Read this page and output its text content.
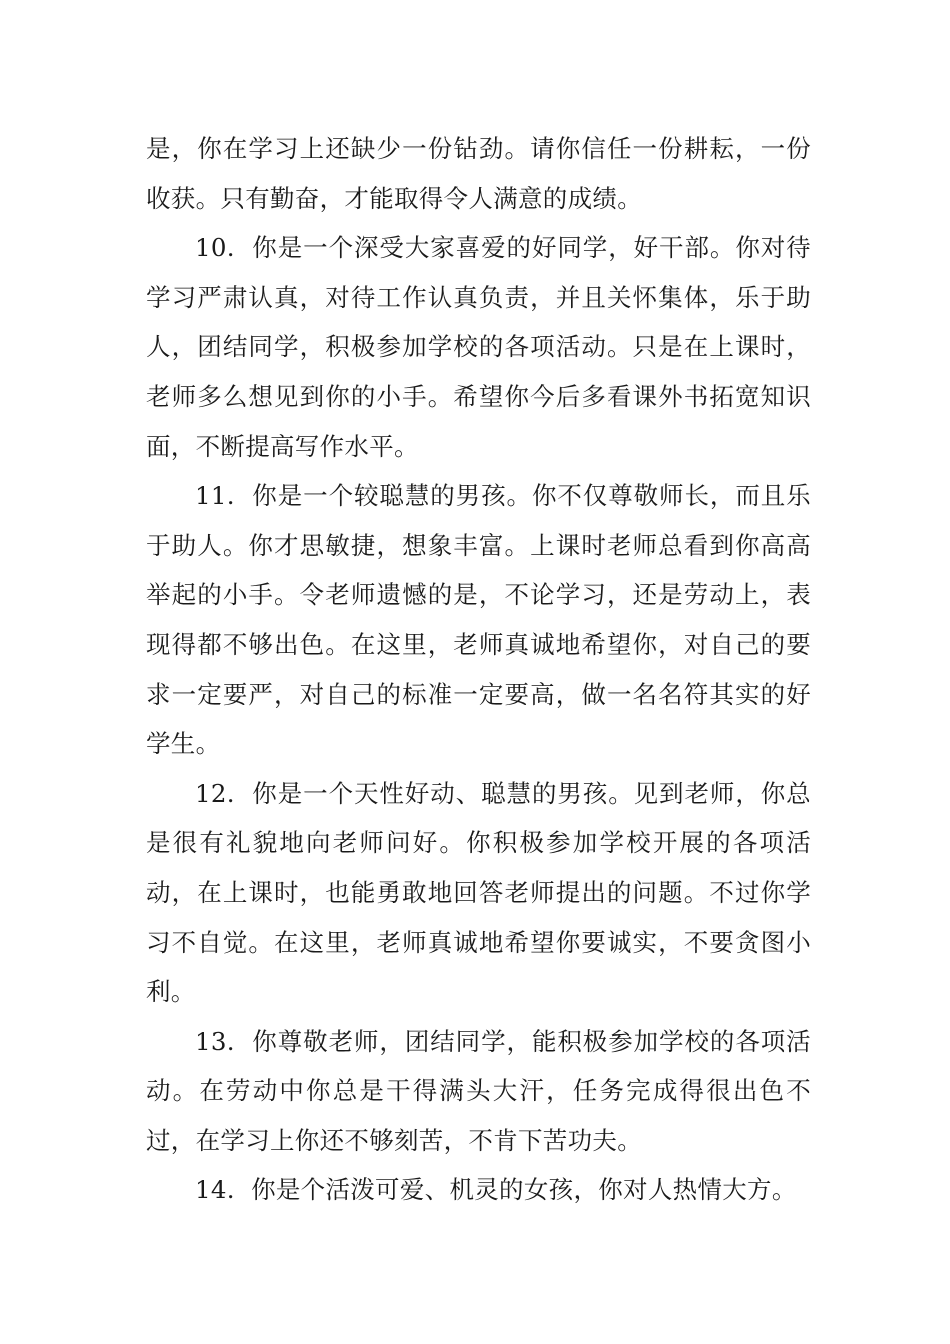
是，你在学习上还缺少一份钻劲。请你信任一份耕耘，一份收获。只有勤奋，才能取得令人满意的成绩。

10. 你是一个深受大家喜爱的好同学，好干部。你对待学习严肃认真，对待工作认真负责，并且关怀集体，乐于助人，团结同学，积极参加学校的各项活动。只是在上课时，老师多么想见到你的小手。希望你今后多看课外书拓宽知识面，不断提高写作水平。

11. 你是一个较聪慧的男孩。你不仅尊敬师长，而且乐于助人。你才思敏捷，想象丰富。上课时老师总看到你高高举起的小手。令老师遗憾的是，不论学习，还是劳动上，表现得都不够出色。在这里，老师真诚地希望你，对自己的要求一定要严，对自己的标准一定要高，做一名名符其实的好学生。

12. 你是一个天性好动、聪慧的男孩。见到老师，你总是很有礼貌地向老师问好。你积极参加学校开展的各项活动，在上课时，也能勇敢地回答老师提出的问题。不过你学习不自觉。在这里，老师真诚地希望你要诚实，不要贪图小利。

13. 你尊敬老师，团结同学，能积极参加学校的各项活动。在劳动中你总是干得满头大汗，任务完成得很出色不过，在学习上你还不够刻苦，不肯下苦功夫。

14. 你是个活泼可爱、机灵的女孩，你对人热情大方。
